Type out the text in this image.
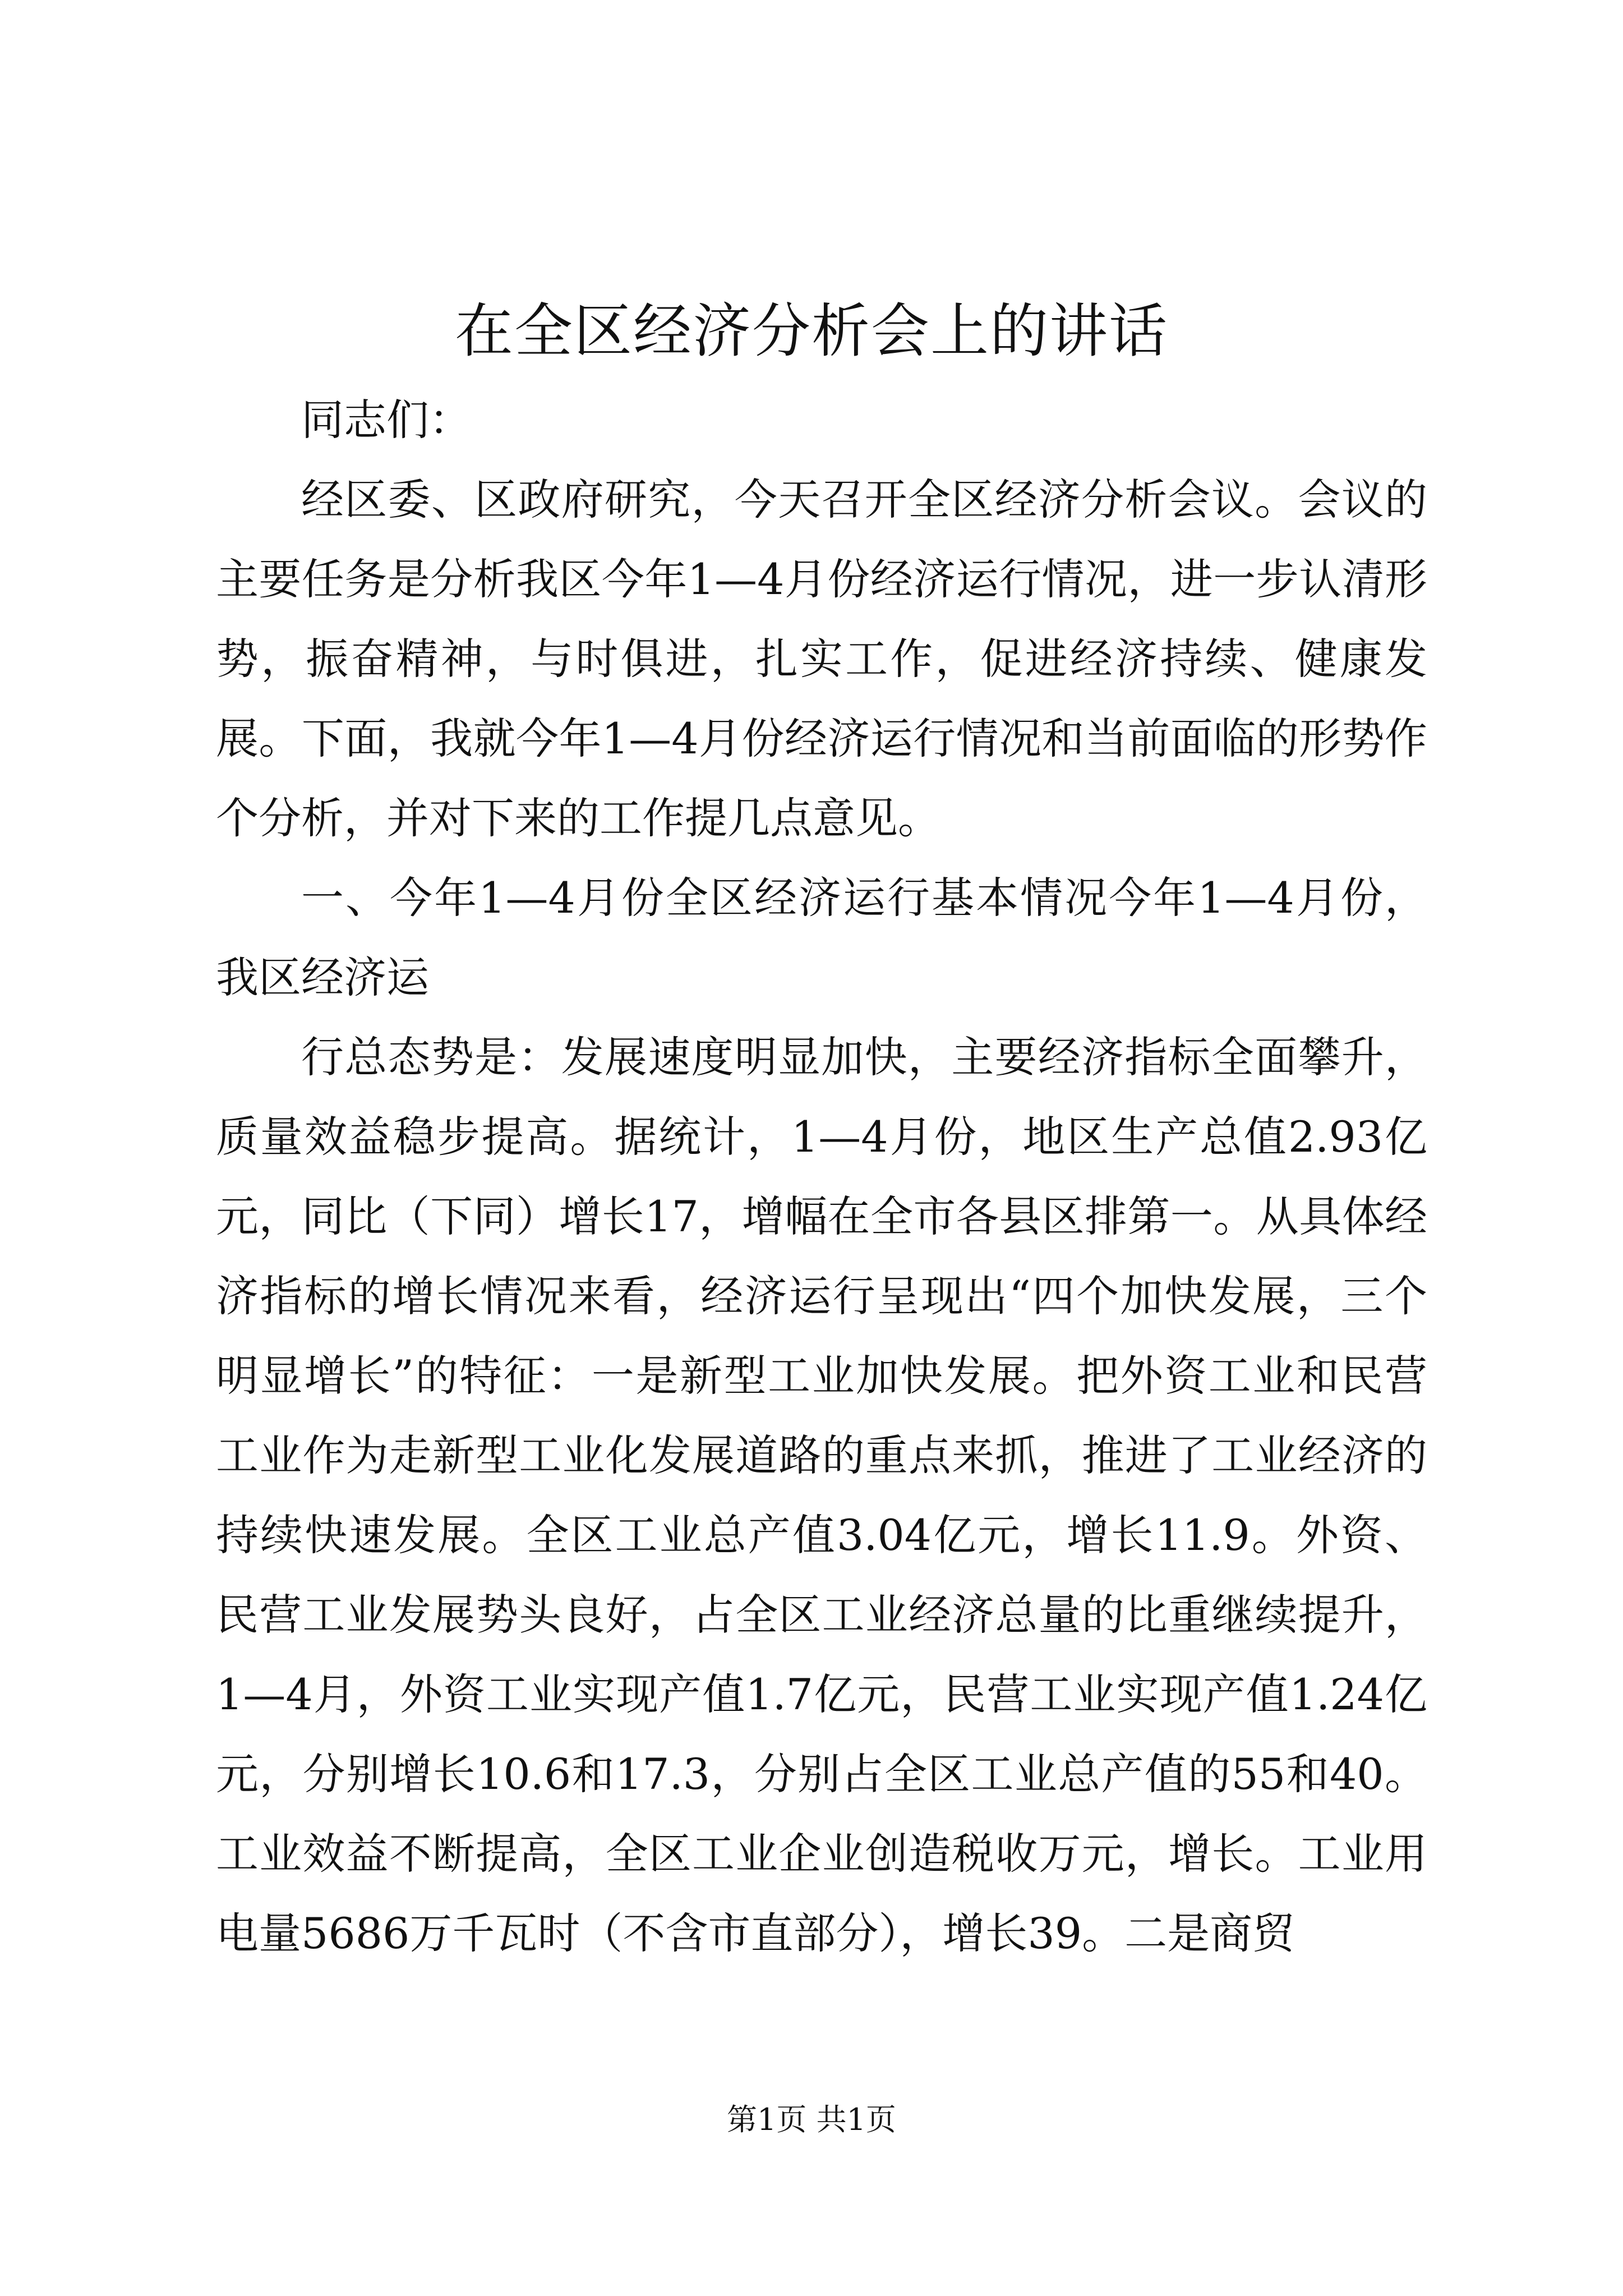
在全区经济分析会上的讲话

同志们：

经区委、区政府研究，今天召开全区经济分析会议。会议的主要任务是分析我区今年1—4月份经济运行情况，进一步认清形势，振奋精神，与时俱进，扎实工作，促进经济持续、健康发展。下面，我就今年1—4月份经济运行情况和当前面临的形势作个分析，并对下来的工作提几点意见。

一、今年1—4月份全区经济运行基本情况今年1—4月份，我区经济运

行总态势是：发展速度明显加快，主要经济指标全面攀升，质量效益稳步提高。据统计，1—4月份，地区生产总值2.93亿元，同比（下同）增长17，增幅在全市各县区排第一。从具体经济指标的增长情况来看，经济运行呈现出“四个加快发展，三个明显增长”的特征：一是新型工业加快发展。把外资工业和民营工业作为走新型工业化发展道路的重点来抓，推进了工业经济的持续快速发展。全区工业总产值3.04亿元，增长11.9。外资、民营工业发展势头良好，占全区工业经济总量的比重继续提升，1—4月，外资工业实现产值1.7亿元，民营工业实现产值1.24亿元，分别增长10.6和17.3，分别占全区工业总产值的55和40。工业效益不断提高，全区工业企业创造税收万元，增长。工业用电量5686万千瓦时（不含市直部分），增长39。二是商贸

第1页 共1页
